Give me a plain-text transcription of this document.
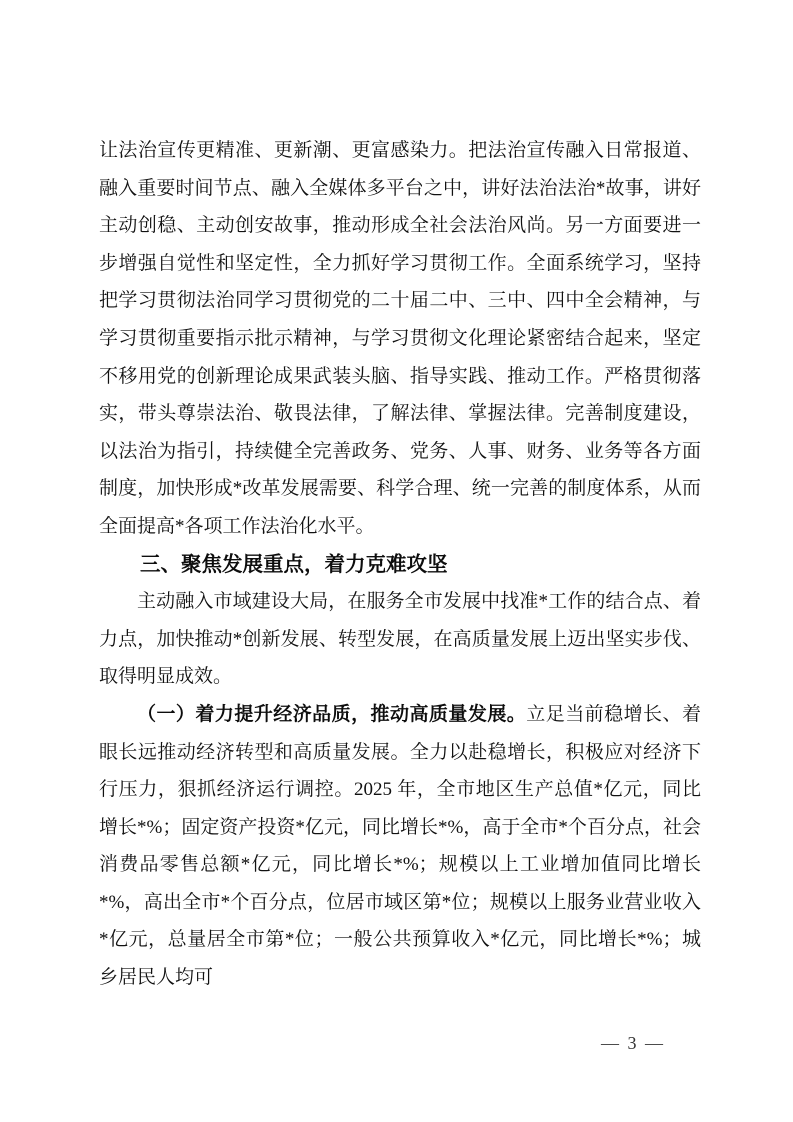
让法治宣传更精准、更新潮、更富感染力。把法治宣传融入日常报道、融入重要时间节点、融入全媒体多平台之中，讲好法治法治*故事，讲好主动创稳、主动创安故事，推动形成全社会法治风尚。另一方面要进一步增强自觉性和坚定性，全力抓好学习贯彻工作。全面系统学习，坚持把学习贯彻法治同学习贯彻党的二十届二中、三中、四中全会精神，与学习贯彻重要指示批示精神，与学习贯彻文化理论紧密结合起来，坚定不移用党的创新理论成果武装头脑、指导实践、推动工作。严格贯彻落实，带头尊崇法治、敬畏法律，了解法律、掌握法律。完善制度建设，以法治为指引，持续健全完善政务、党务、人事、财务、业务等各方面制度，加快形成*改革发展需要、科学合理、统一完善的制度体系，从而全面提高*各项工作法治化水平。

三、聚焦发展重点，着力克难攻坚

主动融入市域建设大局，在服务全市发展中找准*工作的结合点、着力点，加快推动*创新发展、转型发展，在高质量发展上迈出坚实步伐、取得明显成效。

（一）着力提升经济品质，推动高质量发展。立足当前稳增长、着眼长远推动经济转型和高质量发展。全力以赴稳增长，积极应对经济下行压力，狠抓经济运行调控。2025 年，全市地区生产总值*亿元，同比增长*%；固定资产投资*亿元，同比增长*%，高于全市*个百分点，社会消费品零售总额*亿元，同比增长*%；规模以上工业增加值同比增长*%，高出全市*个百分点，位居市域区第*位；规模以上服务业营业收入*亿元，总量居全市第*位；一般公共预算收入*亿元，同比增长*%；城乡居民人均可

— 3 —
